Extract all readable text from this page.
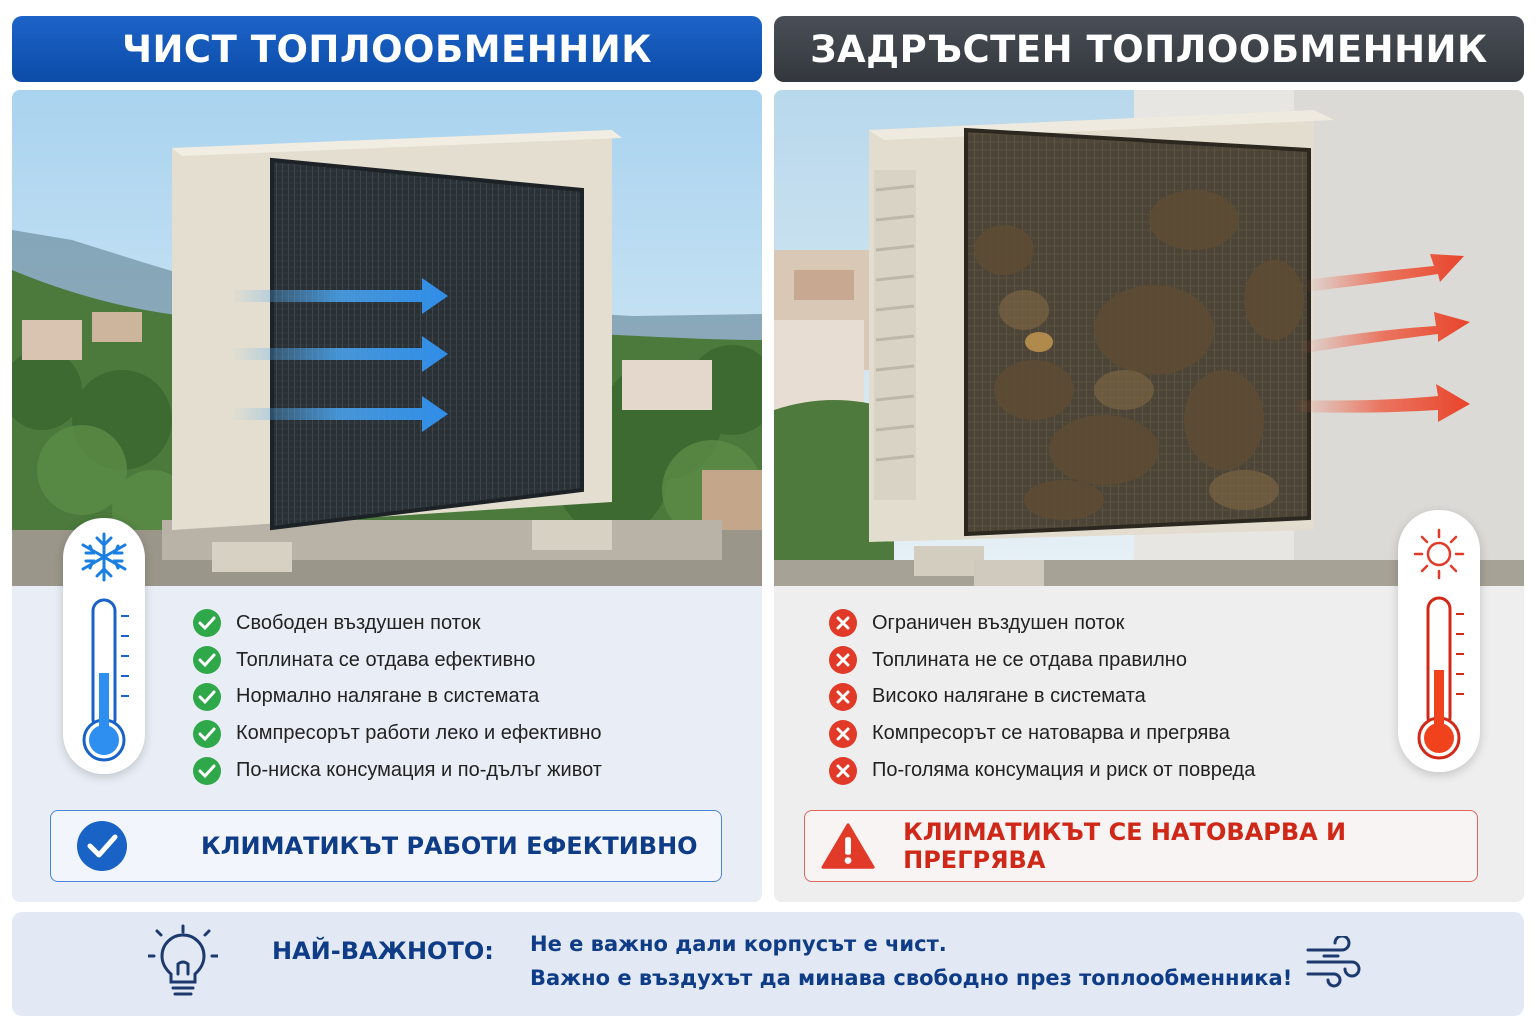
ЧИСТ ТОПЛООБМЕННИК	ЗАДРЪСТЕН ТОПЛООБМЕННИК
Свободен въздушен поток
Топлината се отдава ефективно
Нормално налягане в системата
Компресорът работи леко и ефективно
По-ниска консумация и по-дълъг живот
КЛИМАТИКЪТ РАБОТИ ЕФЕКТИВНО
Ограничен въздушен поток
Топлината не се отдава правилно
Високо налягане в системата
Компресорът се натоварва и прегрява
По-голяма консумация и риск от повреда
КЛИМАТИКЪТ СЕ НАТОВАРВА И ПРЕГРЯВА
НАЙ-ВАЖНОТО: Не е важно дали корпусът е чист.
Важно е въздухът да минава свободно през топлообменника!
